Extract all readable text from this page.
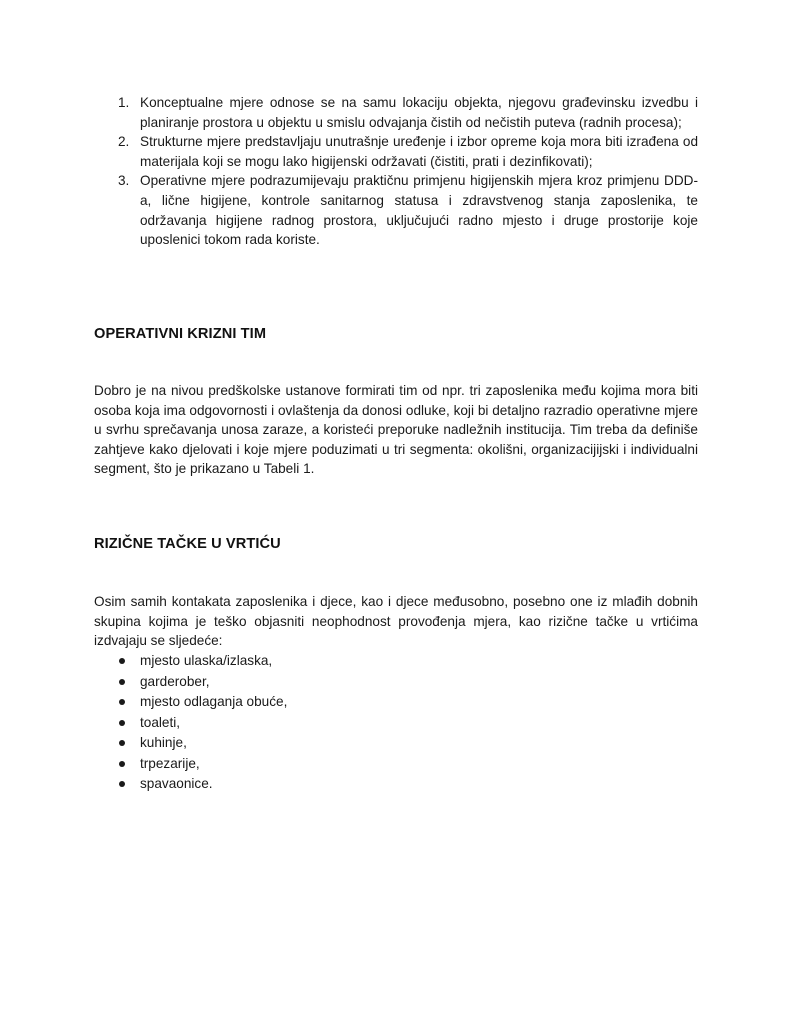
1. Konceptualne mjere odnose se na samu lokaciju objekta, njegovu građevinsku izvedbu i planiranje prostora u objektu u smislu odvajanja čistih od nečistih puteva (radnih procesa);
2. Strukturne mjere predstavljaju unutrašnje uređenje i izbor opreme koja mora biti izrađena od materijala koji se mogu lako higijenski održavati (čistiti, prati i dezinfikovati);
3. Operativne mjere podrazumijevaju praktičnu primjenu higijenskih mjera kroz primjenu DDD-a, lične higijene, kontrole sanitarnog statusa i zdravstvenog stanja zaposlenika, te održavanja higijene radnog prostora, uključujući radno mjesto i druge prostorije koje uposlenici tokom rada koriste.
OPERATIVNI KRIZNI TIM

Dobro je na nivou predškolske ustanove formirati tim od npr. tri zaposlenika među kojima mora biti osoba koja ima odgovornosti i ovlaštenja da donosi odluke, koji bi detaljno razradio operativne mjere u svrhu sprečavanja unosa zaraze, a koristeći preporuke nadležnih institucija. Tim treba da definiše zahtjeve kako djelovati i koje mjere poduzimati u tri segmenta: okolišni, organizacijijski i individualni segment, što je prikazano u Tabeli 1.

RIZIČNE TAČKE U VRTIĆU

Osim samih kontakata zaposlenika i djece, kao i djece međusobno, posebno one iz mlađih dobnih skupina kojima je teško objasniti neophodnost provođenja mjera, kao rizične tačke u vrtićima izdvajaju se sljedeće:

mjesto ulaska/izlaska,
garderober,
mjesto odlaganja obuće,
toaleti,
kuhinje,
trpezarije,
spavaonice.
